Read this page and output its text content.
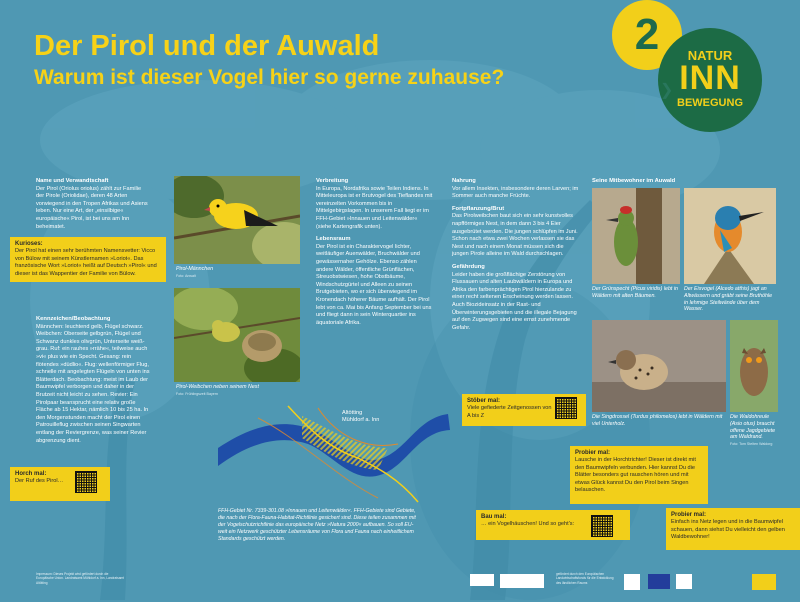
Der Pirol und der Auwald
Warum ist dieser Vogel hier so gerne zuhause?
2	NATUR
INN
BEWEGUNG
Name und Verwandtschaft

Der Pirol (Oriolus oriolus) zählt zur Familie der Pirole (Oriolidae), deren 48 Arten vorwiegend in den Tropen Afrikas und Asiens leben. Nur eine Art, der „einsilbige« europäische« Pirol, ist bei uns am Inn beheimatet.

Kurioses:

Der Pirol hat einen sehr berühmten Namensvetter: Vicco von Bülow mit seinem Künstlernamen »Loriot«. Das französische Wort »Loriot« heißt auf Deutsch »Pirol« und dieser ist das Wappentier der Familie von Bülow.

Kennzeichen/Beobachtung

Männchen: leuchtend gelb, Flügel schwarz. Weibchen: Oberseite gelbgrün, Flügel und Schwanz dunkles olivgrün, Unterseite weiß-grau. Ruf: ein rauhes »rrähe«, teilweise auch »vi« plus wie ein Specht. Gesang: rein flötendes »düdlio«. Flug: wellenförmiger Flug, schnelle mit angelegten Flügeln von unten ins Blätterdach. Beobachtung: meist im Laub der Baumwipfel verborgen und daher in der Brutzeit nicht leicht zu sehen. Revier: Ein Pirolpaar beansprucht eine relativ große Fläche ab 15 Hektar, nämlich 10 bis 25 ha. In den Morgenstunden macht der Pirol einen Patrouilleflug zwischen seinen Singwarten entlang der Reviergrenze, was seiner Revier abgrenzung dient.

Horch mal:

Der Ruf des Pirol…

Pirol-Männchen
Foto: Anwalt
Pirol-Weibchen neben seinem Nest
Foto: Frühlingszeit Bayern
Verbreitung

In Europa, Nordafrika sowie Teilen Indiens. In Mitteleuropa ist er Brutvogel des Tieflandes mit vereinzelten Vorkommen bis in Mittelgebirgslagen. In unserem Fall liegt er im FFH-Gebiet »Innauen und Leitenwälder« (siehe Kartengrafik unten).

Lebensraum

Der Pirol ist ein Charaktervogel lichter, weitläufiger Auenwälder, Bruchwälder und gewässernaher Gehölze. Ebenso zählen andere Wälder, öffentliche Grünflächen, Streuobstwiesen, hohe Obstbäume, Windschutzgürtel und Alleen zu seinen Brutgebieten, wo er sich überwiegend im Kronendach höherer Bäume aufhält. Der Pirol lebt von ca. Mai bis Anfang September bei uns und fliegt dann in sein Winterquartier ins äquatoriale Afrika.

Nahrung

Vor allem Insekten, insbesondere deren Larven; im Sommer auch manche Früchte.

Fortpflanzung/Brut

Das Pirolweibchen baut sich ein sehr kunstvolles napfförmiges Nest, in dem dann 3 bis 4 Eier ausgebrütet werden. Die jungen schlüpfen im Juni. Schon nach etwa zwei Wochen verlassen sie das Nest und nach einem Monat müssen sich die jungen Pirole alleine im Wald durchschlagen.

Gefährdung

Leider haben die großflächige Zerstörung von Flussauen und alten Laubwäldern in Europa und Afrika den farbenprächtigen Pirol hierzulande zu einer recht seltenen Erscheinung werden lassen. Auch Biozideinsatz in der Rast- und Überwinterungsgebieten und die illegale Bejagung auf den Zugwegen sind eine ernst zunehmende Gefahr.

Stöber mal:

Viele gefiederte Zeitgenossen von A bis Z

Seine Mitbewohner im Auwald
Der Grünspecht (Picus viridis) lebt in Wäldern mit alten Bäumen.
Der Eisvogel (Alcedo atthis) jagt an Altwässern und gräbt seine Bruthöhle in lehmige Steilwände über dem Wasser.
Die Singdrossel (Turdus philomelos) lebt in Wäldern mit viel Unterholz.
Die Waldohreule (Asio otus) braucht offene Jagdgebiete am Waldrand.
Foto: Tom Stelten Waldorg
Probier mal:

Lausche in der Horchtrichter! Dieser ist direkt mit den Baumwipfeln verbunden. Hier kannst Du die Blätter besonders gut rauschen hören und mit etwas Glück kannst Du den Pirol beim Singen belauschen.

Probier mal:

Einfach ins Netz legen und in die Baumwipfel schauen, dann siehst Du vielleicht den gelben Waldbewohner!

Bau mal:

… ein Vogelhäuschen! Und so geht's:

Altötting
Mühldorf a. Inn
FFH-Gebiet Nr. 7339-301.08 »Innauen und Leitenwälder«. FFH-Gebiete sind Gebiete, die nach der Flora-Fauna-Habitat-Richtlinie gesichert sind. Diese teilen zusammen mit der Vogelschutzrichtlinie das europäische Netz »Natura 2000« aufbauen. So soll EU-weit ein Netzwerk geschützter Lebensräume von Flora und Fauna nach einheitlichem Standards geschützt werden.
Impressum: Dieses Projekt wird gefördert durch die Europäische Union. Landratsamt Mühldorf a. Inn, Landratsamt Altötting
gefördert durch den Europäischen Landwirtschaftsfonds für die Entwicklung des ländlichen Raums
❯
